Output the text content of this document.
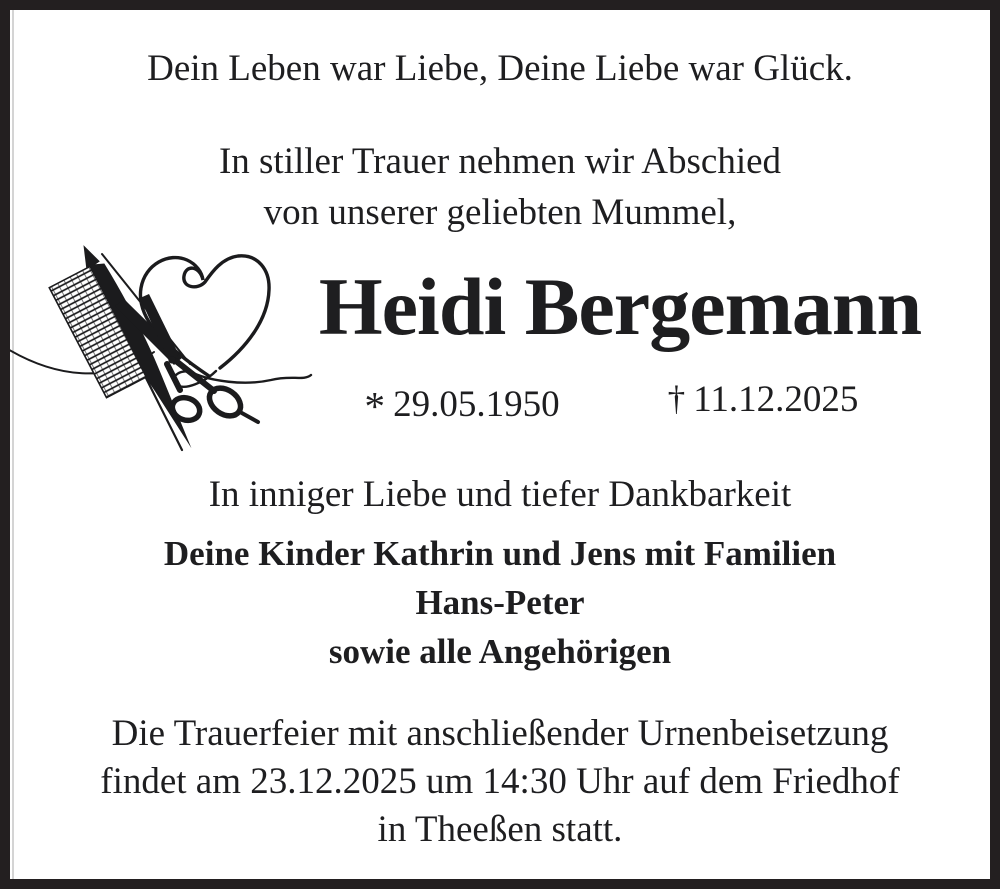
Dein Leben war Liebe, Deine Liebe war Glück.
In stiller Trauer nehmen wir Abschied
von unserer geliebten Mummel,
Heidi Bergemann
* 29.05.1950	† 11.12.2025
In inniger Liebe und tiefer Dankbarkeit
Deine Kinder Kathrin und Jens mit Familien
Hans-Peter
sowie alle Angehörigen
Die Trauerfeier mit anschließender Urnenbeisetzung
findet am 23.12.2025 um 14:30 Uhr auf dem Friedhof
in Theeßen statt.
